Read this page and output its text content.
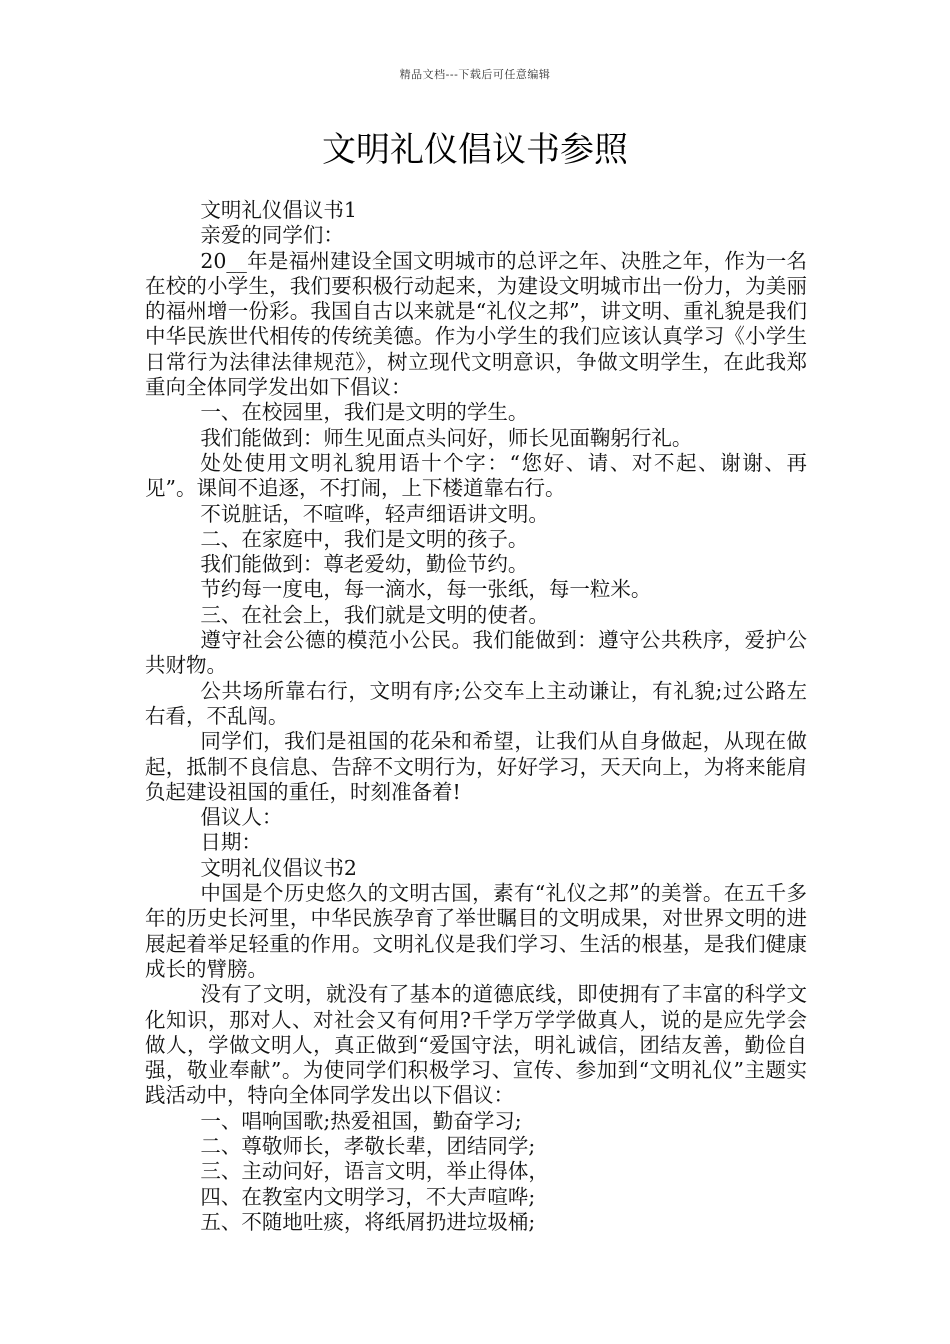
精品文档---下载后可任意编辑
文明礼仪倡议书参照

文明礼仪倡议书1

亲爱的同学们：

20__年是福州建设全国文明城市的总评之年、决胜之年，作为一名在校的小学生，我们要积极行动起来，为建设文明城市出一份力，为美丽的福州增一份彩。我国自古以来就是“礼仪之邦”，讲文明、重礼貌是我们中华民族世代相传的传统美德。作为小学生的我们应该认真学习《小学生日常行为法律法律规范》，树立现代文明意识，争做文明学生，在此我郑重向全体同学发出如下倡议：

一、在校园里，我们是文明的学生。

我们能做到：师生见面点头问好，师长见面鞠躬行礼。

处处使用文明礼貌用语十个字：“您好、请、对不起、谢谢、再见”。课间不追逐，不打闹，上下楼道靠右行。

不说脏话，不喧哗，轻声细语讲文明。

二、在家庭中，我们是文明的孩子。

我们能做到：尊老爱幼，勤俭节约。

节约每一度电，每一滴水，每一张纸，每一粒米。

三、在社会上，我们就是文明的使者。

遵守社会公德的模范小公民。我们能做到：遵守公共秩序，爱护公共财物。

公共场所靠右行，文明有序;公交车上主动谦让，有礼貌;过公路左右看，不乱闯。

同学们，我们是祖国的花朵和希望，让我们从自身做起，从现在做起，抵制不良信息、告辞不文明行为，好好学习，天天向上，为将来能肩负起建设祖国的重任，时刻准备着!

倡议人：

日期：

文明礼仪倡议书2

中国是个历史悠久的文明古国，素有“礼仪之邦”的美誉。在五千多年的历史长河里，中华民族孕育了举世瞩目的文明成果，对世界文明的进展起着举足轻重的作用。文明礼仪是我们学习、生活的根基，是我们健康成长的臂膀。

没有了文明，就没有了基本的道德底线，即使拥有了丰富的科学文化知识，那对人、对社会又有何用?千学万学学做真人，说的是应先学会做人，学做文明人，真正做到“爱国守法，明礼诚信，团结友善，勤俭自强，敬业奉献”。为使同学们积极学习、宣传、参加到“文明礼仪”主题实践活动中，特向全体同学发出以下倡议：

一、唱响国歌;热爱祖国，勤奋学习;

二、尊敬师长，孝敬长辈，团结同学;

三、主动问好，语言文明，举止得体，

四、在教室内文明学习，不大声喧哗;

五、不随地吐痰，将纸屑扔进垃圾桶;
